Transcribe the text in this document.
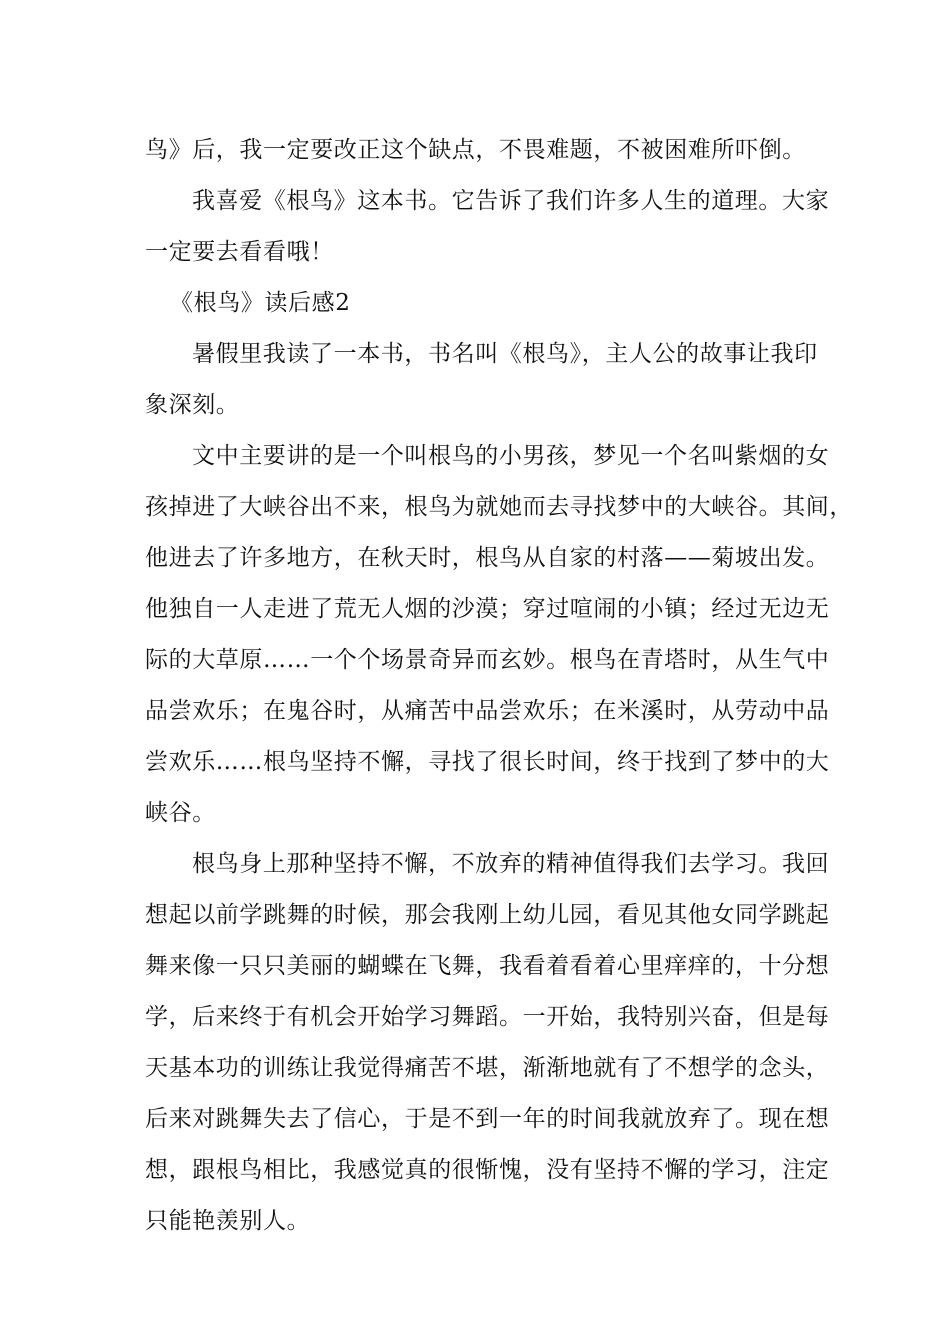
鸟》后，我一定要改正这个缺点，不畏难题，不被困难所吓倒。
我喜爱《根鸟》这本书。它告诉了我们许多人生的道理。大家
一定要去看看哦！
《根鸟》读后感2
暑假里我读了一本书，书名叫《根鸟》，主人公的故事让我印
象深刻。
文中主要讲的是一个叫根鸟的小男孩，梦见一个名叫紫烟的女
孩掉进了大峡谷出不来，根鸟为就她而去寻找梦中的大峡谷。其间，
他进去了许多地方，在秋天时，根鸟从自家的村落——菊坡出发。
他独自一人走进了荒无人烟的沙漠；穿过喧闹的小镇；经过无边无
际的大草原……一个个场景奇异而玄妙。根鸟在青塔时，从生气中
品尝欢乐；在鬼谷时，从痛苦中品尝欢乐；在米溪时，从劳动中品
尝欢乐……根鸟坚持不懈，寻找了很长时间，终于找到了梦中的大
峡谷。
根鸟身上那种坚持不懈，不放弃的精神值得我们去学习。我回
想起以前学跳舞的时候，那会我刚上幼儿园，看见其他女同学跳起
舞来像一只只美丽的蝴蝶在飞舞，我看着看着心里痒痒的，十分想
学，后来终于有机会开始学习舞蹈。一开始，我特别兴奋，但是每
天基本功的训练让我觉得痛苦不堪，渐渐地就有了不想学的念头，
后来对跳舞失去了信心，于是不到一年的时间我就放弃了。现在想
想，跟根鸟相比，我感觉真的很惭愧，没有坚持不懈的学习，注定
只能艳羡别人。
